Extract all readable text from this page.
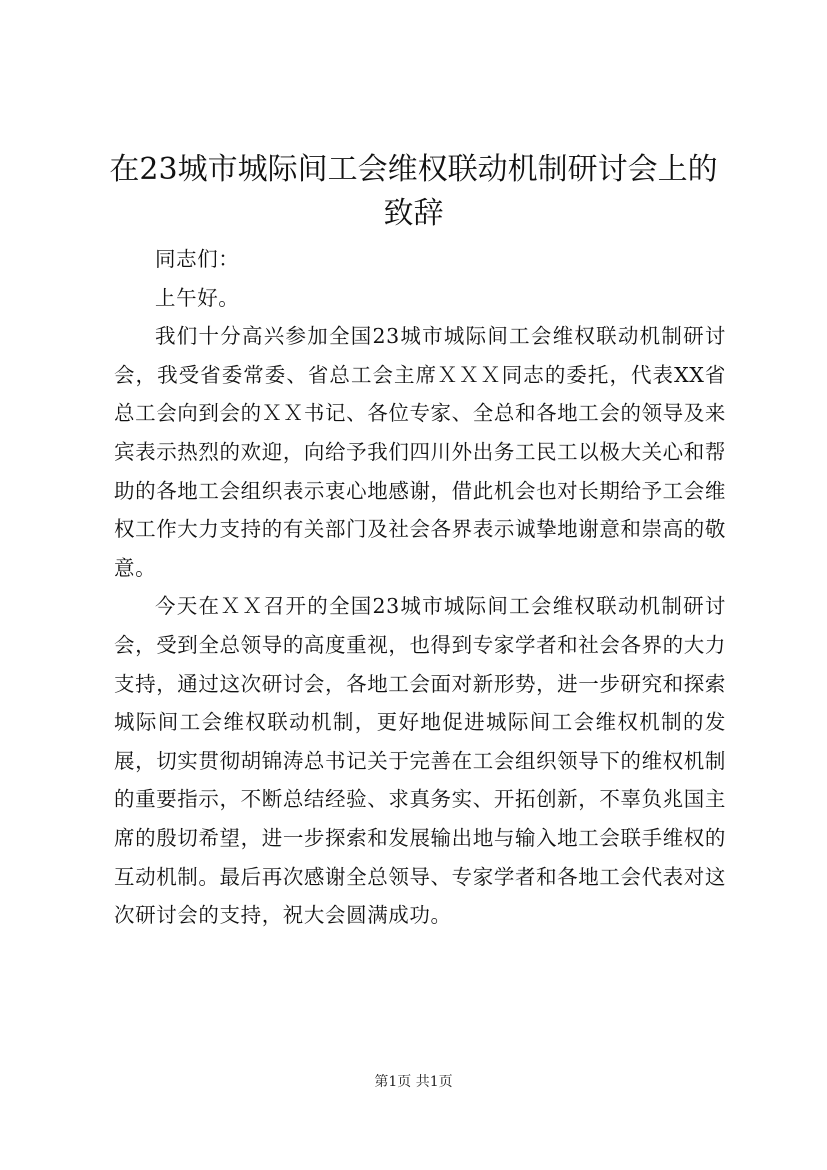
在23城市城际间工会维权联动机制研讨会上的致辞

同志们：

上午好。

我们十分高兴参加全国23城市城际间工会维权联动机制研讨会，我受省委常委、省总工会主席ＸＸＸ同志的委托，代表XX省总工会向到会的ＸＸ书记、各位专家、全总和各地工会的领导及来宾表示热烈的欢迎，向给予我们四川外出务工民工以极大关心和帮助的各地工会组织表示衷心地感谢，借此机会也对长期给予工会维权工作大力支持的有关部门及社会各界表示诚挚地谢意和崇高的敬意。

今天在ＸＸ召开的全国23城市城际间工会维权联动机制研讨会，受到全总领导的高度重视，也得到专家学者和社会各界的大力支持，通过这次研讨会，各地工会面对新形势，进一步研究和探索城际间工会维权联动机制，更好地促进城际间工会维权机制的发展，切实贯彻胡锦涛总书记关于完善在工会组织领导下的维权机制的重要指示，不断总结经验、求真务实、开拓创新，不辜负兆国主席的殷切希望，进一步探索和发展输出地与输入地工会联手维权的互动机制。最后再次感谢全总领导、专家学者和各地工会代表对这次研讨会的支持，祝大会圆满成功。

第1页 共1页
